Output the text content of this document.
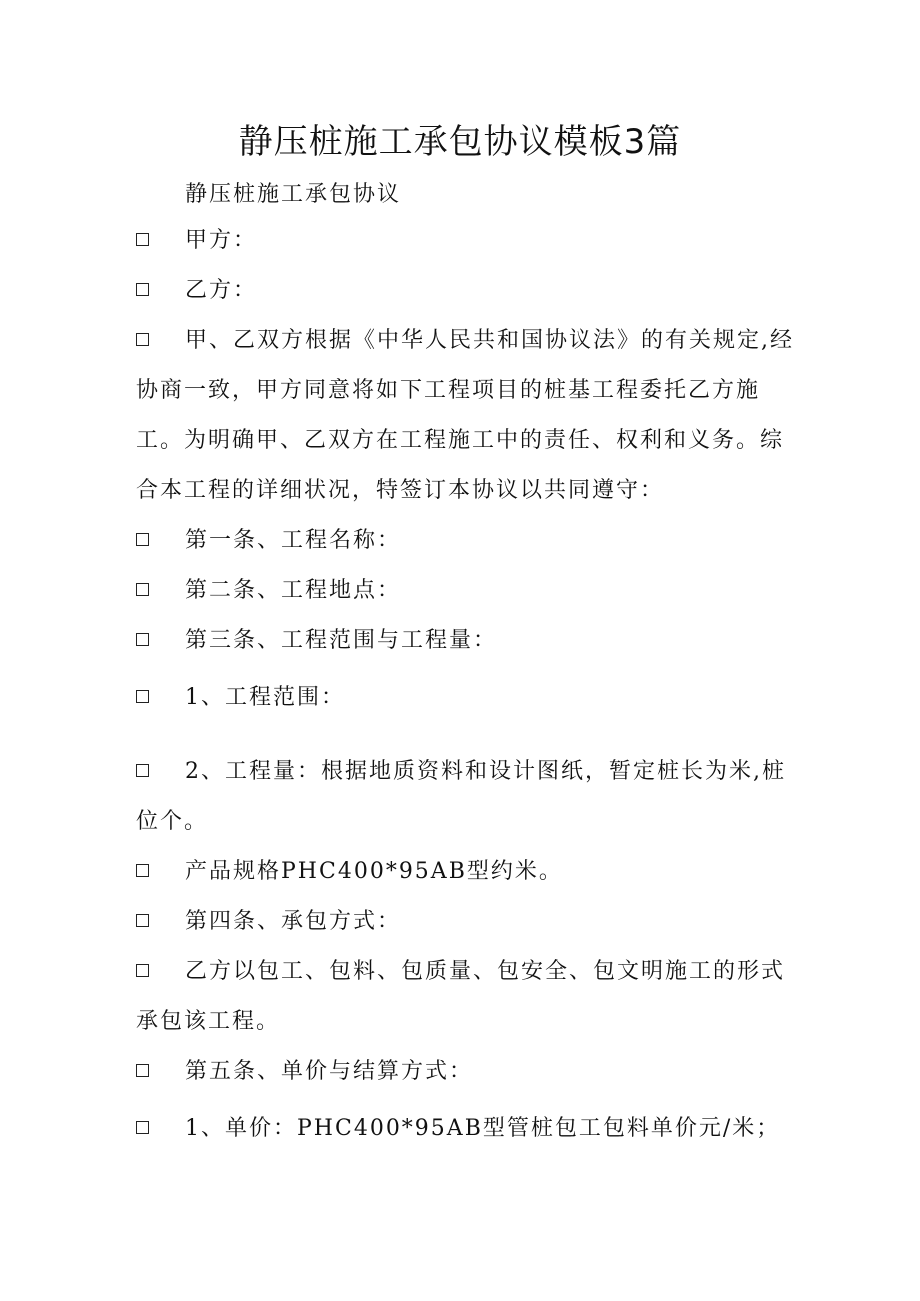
静压桩施工承包协议模板3篇
静压桩施工承包协议
甲方：
乙方：
甲、乙双方根据《中华人民共和国协议法》的有关规定,经协商一致，甲方同意将如下工程项目的桩基工程委托乙方施工。为明确甲、乙双方在工程施工中的责任、权利和义务。综合本工程的详细状况，特签订本协议以共同遵守：
第一条、工程名称：
第二条、工程地点：
第三条、工程范围与工程量：
1、工程范围：
2、工程量：根据地质资料和设计图纸，暂定桩长为米,桩位个。
产品规格PHC400*95AB型约米。
第四条、承包方式：
乙方以包工、包料、包质量、包安全、包文明施工的形式承包该工程。
第五条、单价与结算方式：
1、单价：PHC400*95AB型管桩包工包料单价元/米；
